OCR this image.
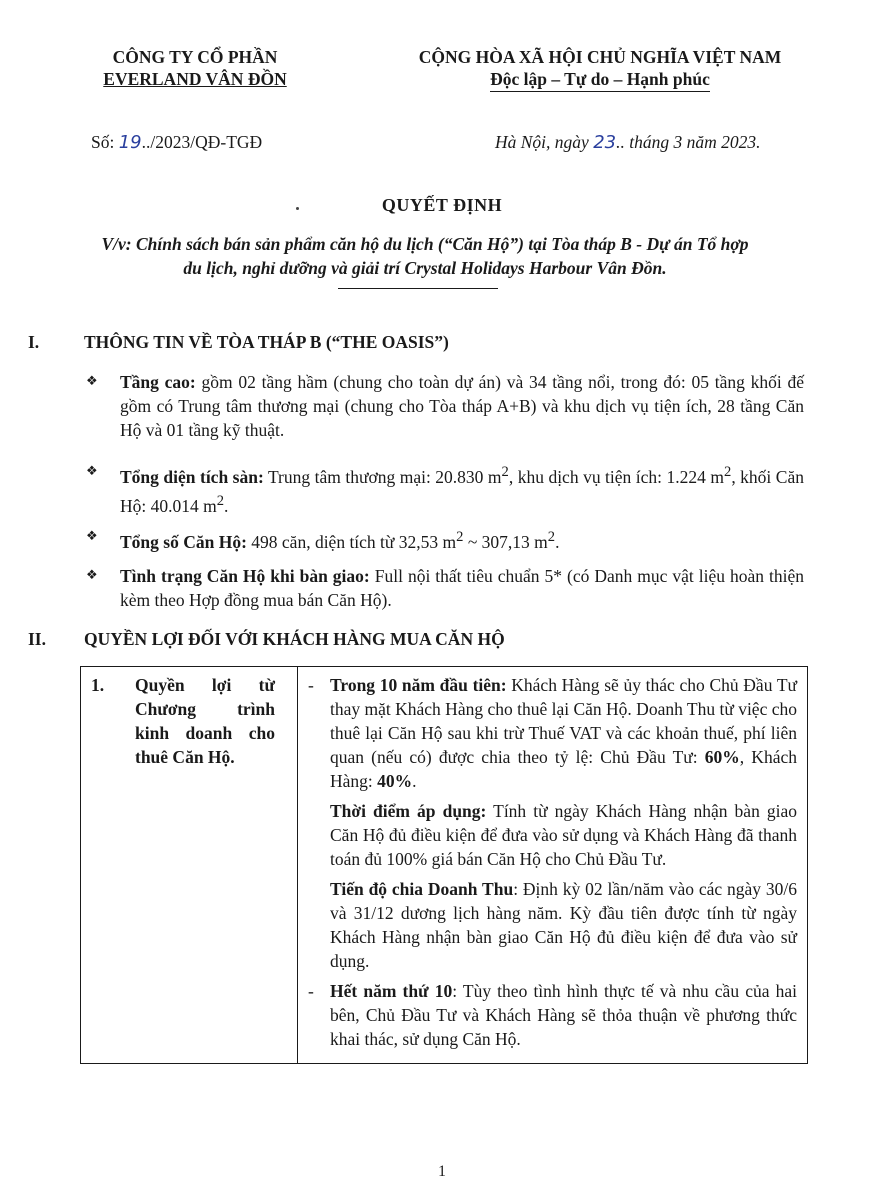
CÔNG TY CỔ PHẦN
EVERLAND VÂN ĐỒN
CỘNG HÒA XÃ HỘI CHỦ NGHĨA VIỆT NAM
Độc lập – Tự do – Hạnh phúc
Số: 19../2023/QĐ-TGĐ	Hà Nội, ngày 23.. tháng 3 năm 2023.
QUYẾT ĐỊNH
V/v: Chính sách bán sản phẩm căn hộ du lịch (“Căn Hộ”) tại Tòa tháp B - Dự án Tổ hợp
du lịch, nghỉ dưỡng và giải trí Crystal Holidays Harbour Vân Đồn.
I.	THÔNG TIN VỀ TÒA THÁP B (“THE OASIS”)
❖	Tầng cao: gồm 02 tầng hầm (chung cho toàn dự án) và 34 tầng nổi, trong đó: 05 tầng khối đế gồm có Trung tâm thương mại (chung cho Tòa tháp A+B) và khu dịch vụ tiện ích, 28 tầng Căn Hộ và 01 tầng kỹ thuật.
❖	Tổng diện tích sàn: Trung tâm thương mại: 20.830 $m^2$, khu dịch vụ tiện ích: 1.224 $m^2$, khối Căn Hộ: 40.014 $m^2$.
❖	Tổng số Căn Hộ: 498 căn, diện tích từ 32,53 $m^2$ ~ 307,13 $m^2$.
❖	Tình trạng Căn Hộ khi bàn giao: Full nội thất tiêu chuẩn 5* (có Danh mục vật liệu hoàn thiện kèm theo Hợp đồng mua bán Căn Hộ).
II. QUYỀN LỢI ĐỐI VỚI KHÁCH HÀNG MUA CĂN HỘ
1.	Quyền lợi từ Chương trình kinh doanh cho thuê Căn Hộ.

- Trong 10 năm đầu tiên: Khách Hàng sẽ ủy thác cho Chủ Đầu Tư thay mặt Khách Hàng cho thuê lại Căn Hộ. Doanh Thu từ việc cho thuê lại Căn Hộ sau khi trừ Thuế VAT và các khoản thuế, phí liên quan (nếu có) được chia theo tỷ lệ: Chủ Đầu Tư: 60%, Khách Hàng: 40%.
Thời điểm áp dụng: Tính từ ngày Khách Hàng nhận bàn giao Căn Hộ đủ điều kiện để đưa vào sử dụng và Khách Hàng đã thanh toán đủ 100% giá bán Căn Hộ cho Chủ Đầu Tư.
Tiến độ chia Doanh Thu: Định kỳ 02 lần/năm vào các ngày 30/6 và 31/12 dương lịch hàng năm. Kỳ đầu tiên được tính từ ngày Khách Hàng nhận bàn giao Căn Hộ đủ điều kiện để đưa vào sử dụng.
- Hết năm thứ 10: Tùy theo tình hình thực tế và nhu cầu của hai bên, Chủ Đầu Tư và Khách Hàng sẽ thỏa thuận về phương thức khai thác, sử dụng Căn Hộ.
1
